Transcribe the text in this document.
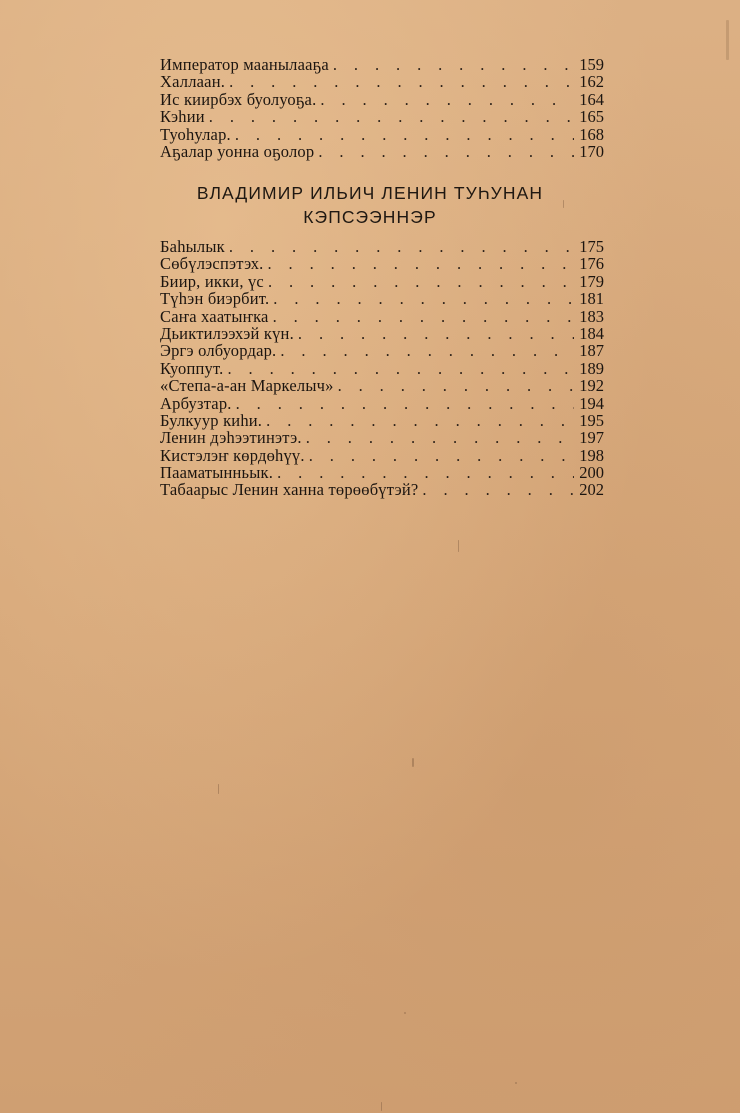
Император маанылааҕа . . .	159
Халлаан. . . .	162
Ис киирбэх буолуоҕа. . . .	164
Кэһии . . .	165
Туоһулар. . . .	168
Аҕалар уонна оҕолор . . .	170
ВЛАДИМИР ИЛЬИЧ ЛЕНИН ТУҺУНАН
КЭПСЭЭННЭР
Баһылык . . .	175
Сөбүлэспэтэх. . . .	176
Биир, икки, үс . . .	179
Түһэн биэрбит. . . .	181
Саҥа хаатыҥка . . .	183
Дьиктилээхэй күн. . . .	184
Эргэ олбуордар. . . .	187
Куоппут. . . .	189
«Степа-а-ан Маркелыч» . . .	192
Арбузтар. . . .	194
Булкуур киһи. . . .	195
Ленин дэһээтинэтэ. . . .	197
Кистэлэҥ көрдөһүү. . . .	198
Пааматынньык. . . .	200
Табаарыс Ленин ханна төрөөбүтэй? . . .	202
